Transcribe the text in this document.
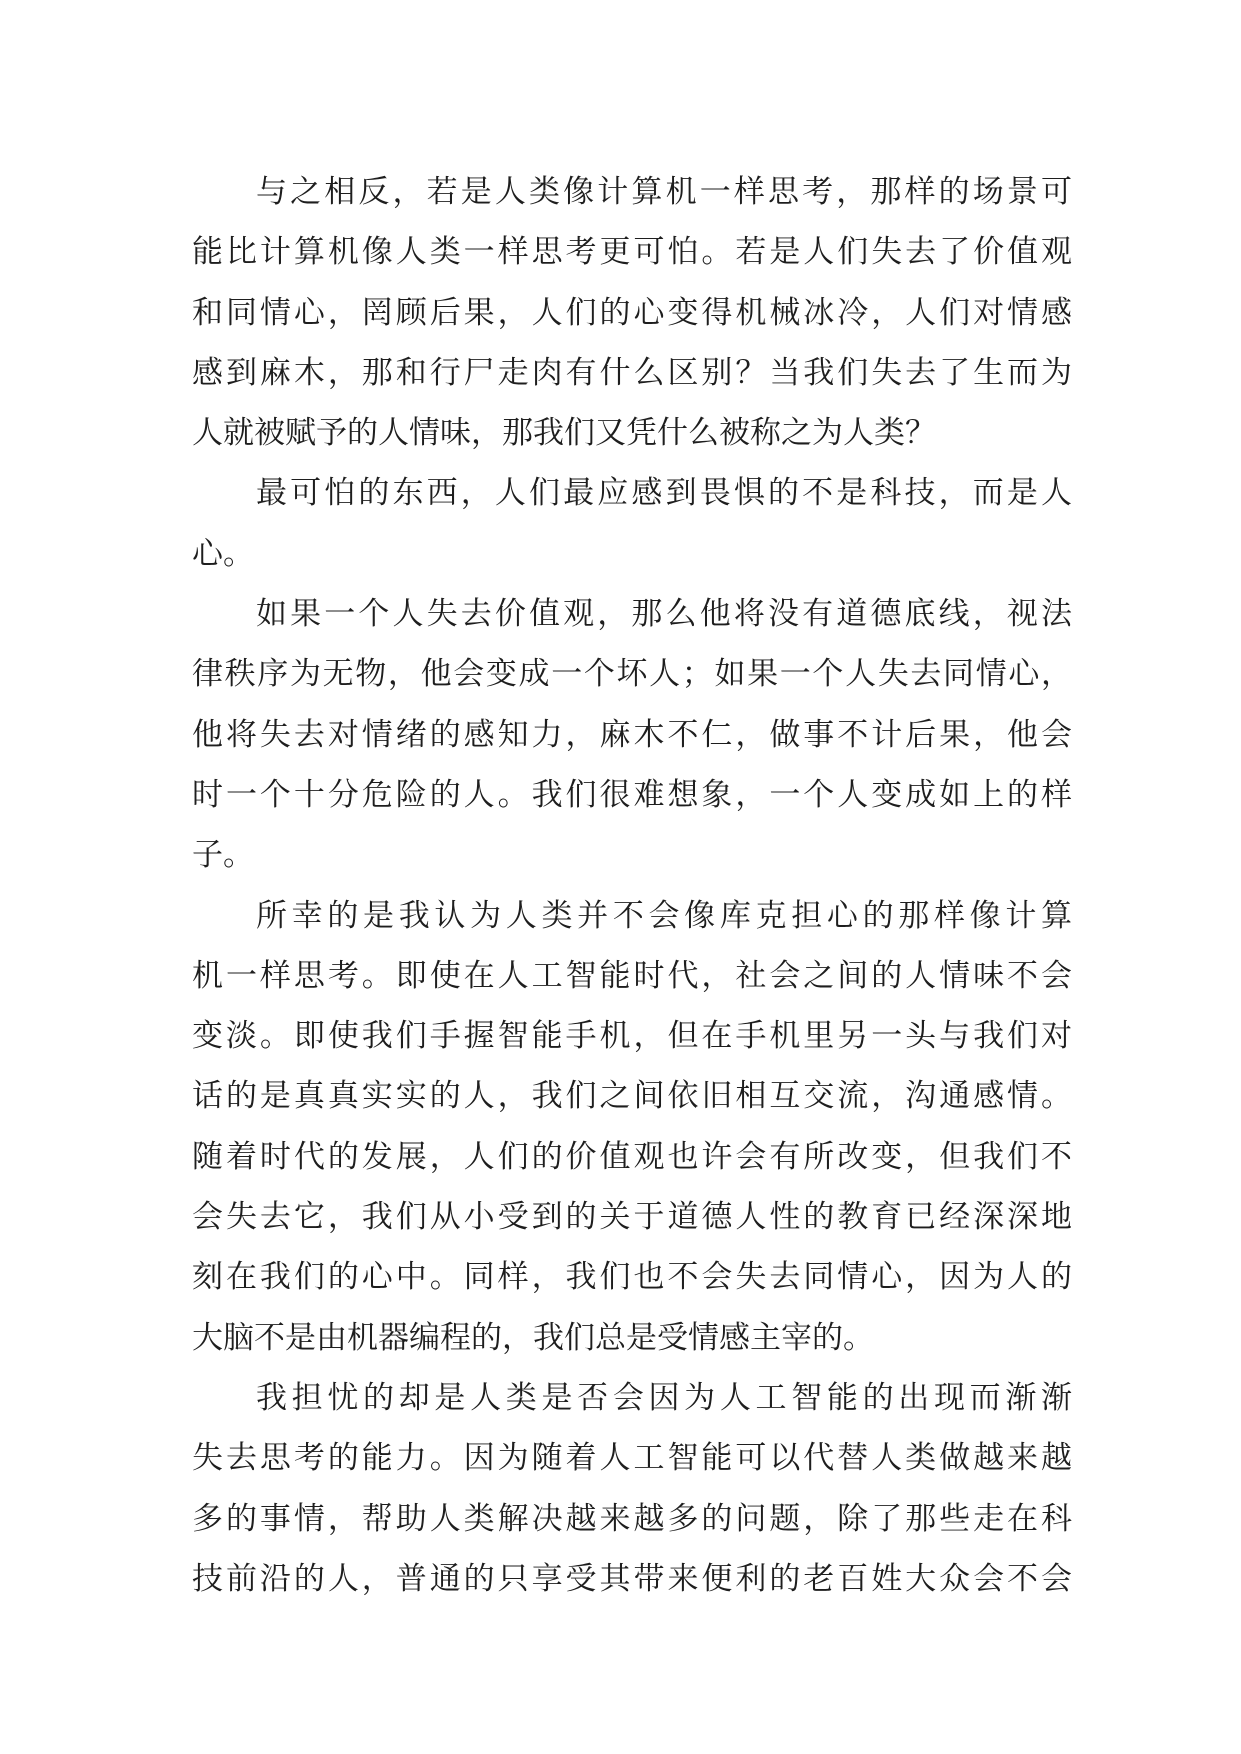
与之相反，若是人类像计算机一样思考，那样的场景可
能比计算机像人类一样思考更可怕。若是人们失去了价值观
和同情心，罔顾后果，人们的心变得机械冰冷，人们对情感
感到麻木，那和行尸走肉有什么区别？当我们失去了生而为
人就被赋予的人情味，那我们又凭什么被称之为人类？
最可怕的东西，人们最应感到畏惧的不是科技，而是人
心。
如果一个人失去价值观，那么他将没有道德底线，视法
律秩序为无物，他会变成一个坏人；如果一个人失去同情心，
他将失去对情绪的感知力，麻木不仁，做事不计后果，他会
时一个十分危险的人。我们很难想象，一个人变成如上的样
子。
所幸的是我认为人类并不会像库克担心的那样像计算
机一样思考。即使在人工智能时代，社会之间的人情味不会
变淡。即使我们手握智能手机，但在手机里另一头与我们对
话的是真真实实的人，我们之间依旧相互交流，沟通感情。
随着时代的发展，人们的价值观也许会有所改变，但我们不
会失去它，我们从小受到的关于道德人性的教育已经深深地
刻在我们的心中。同样，我们也不会失去同情心，因为人的
大脑不是由机器编程的，我们总是受情感主宰的。
我担忧的却是人类是否会因为人工智能的出现而渐渐
失去思考的能力。因为随着人工智能可以代替人类做越来越
多的事情，帮助人类解决越来越多的问题，除了那些走在科
技前沿的人，普通的只享受其带来便利的老百姓大众会不会
